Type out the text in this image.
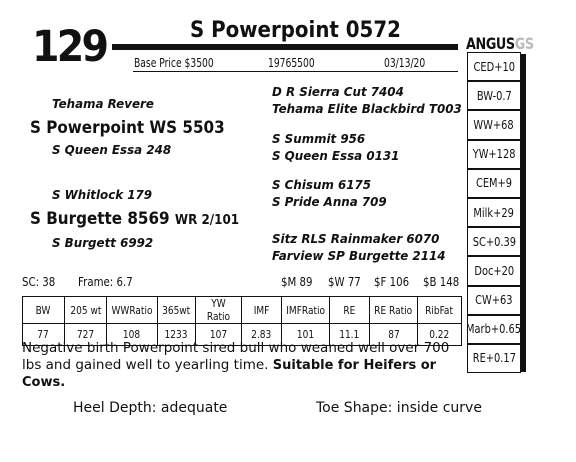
129	S Powerpoint 0572
Base Price $3500	19765500	03/13/20
ANGUSGS
Tehama Revere
S Powerpoint WS 5503
S Queen Essa 248
S Whitlock 179
S Burgette 8569 WR 2/101
S Burgett 6992
D R Sierra Cut 7404
Tehama Elite Blackbird T003
S Summit 956
S Queen Essa 0131
S Chisum 6175
S Pride Anna 709
Sitz RLS Rainmaker 6070
Farview SP Burgette 2114
SC: 38 Frame: 6.7	$M 89 $W 77 $F 106 $B 148
BW	205 wt	WWRatio	365wt	YW Ratio	IMF	IMFRatio	RE	RE Ratio	RibFat
77	727	108	1233	107	2.83	101	11.1	87	0.22
CED+10
BW-0.7
WW+68
YW+128
CEM+9
Milk+29
SC+0.39
Doc+20
CW+63
Marb+0.65
RE+0.17
Negative birth Powerpoint sired bull who weaned well over 700 lbs and gained well to yearling time. Suitable for Heifers or Cows.
Heel Depth: adequate	Toe Shape: inside curve
